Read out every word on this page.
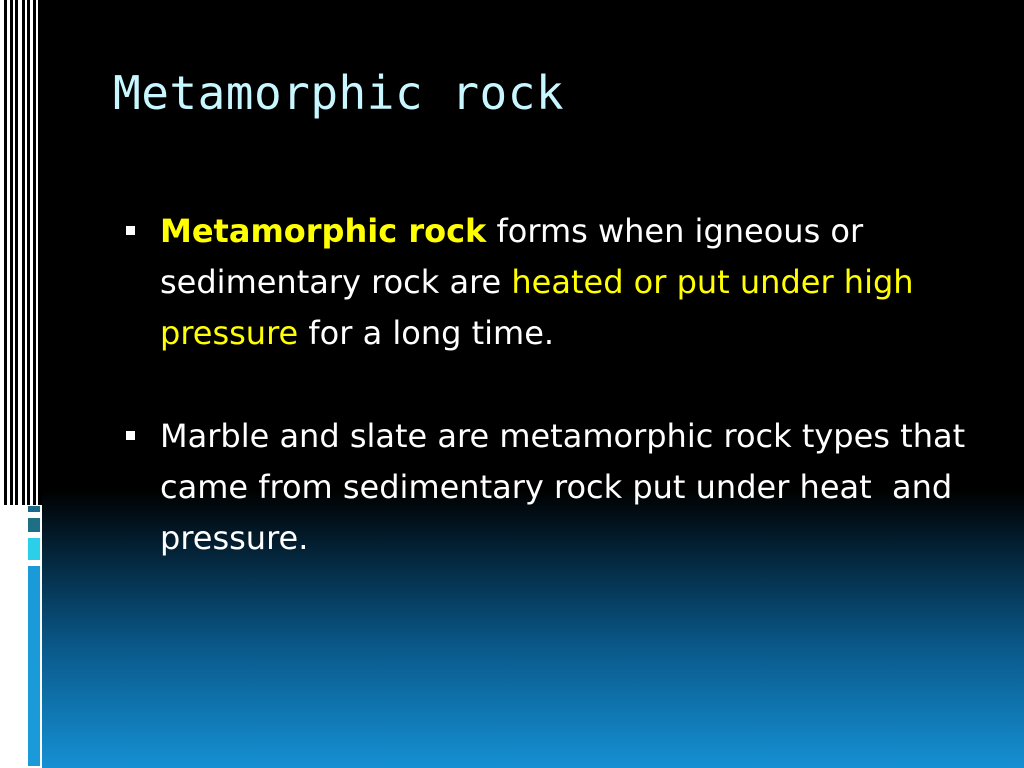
Metamorphic rock
Metamorphic rock forms when igneous or sedimentary rock are heated or put under high pressure for a long time.
Marble and slate are metamorphic rock types that came from sedimentary rock put under heat  and pressure.
